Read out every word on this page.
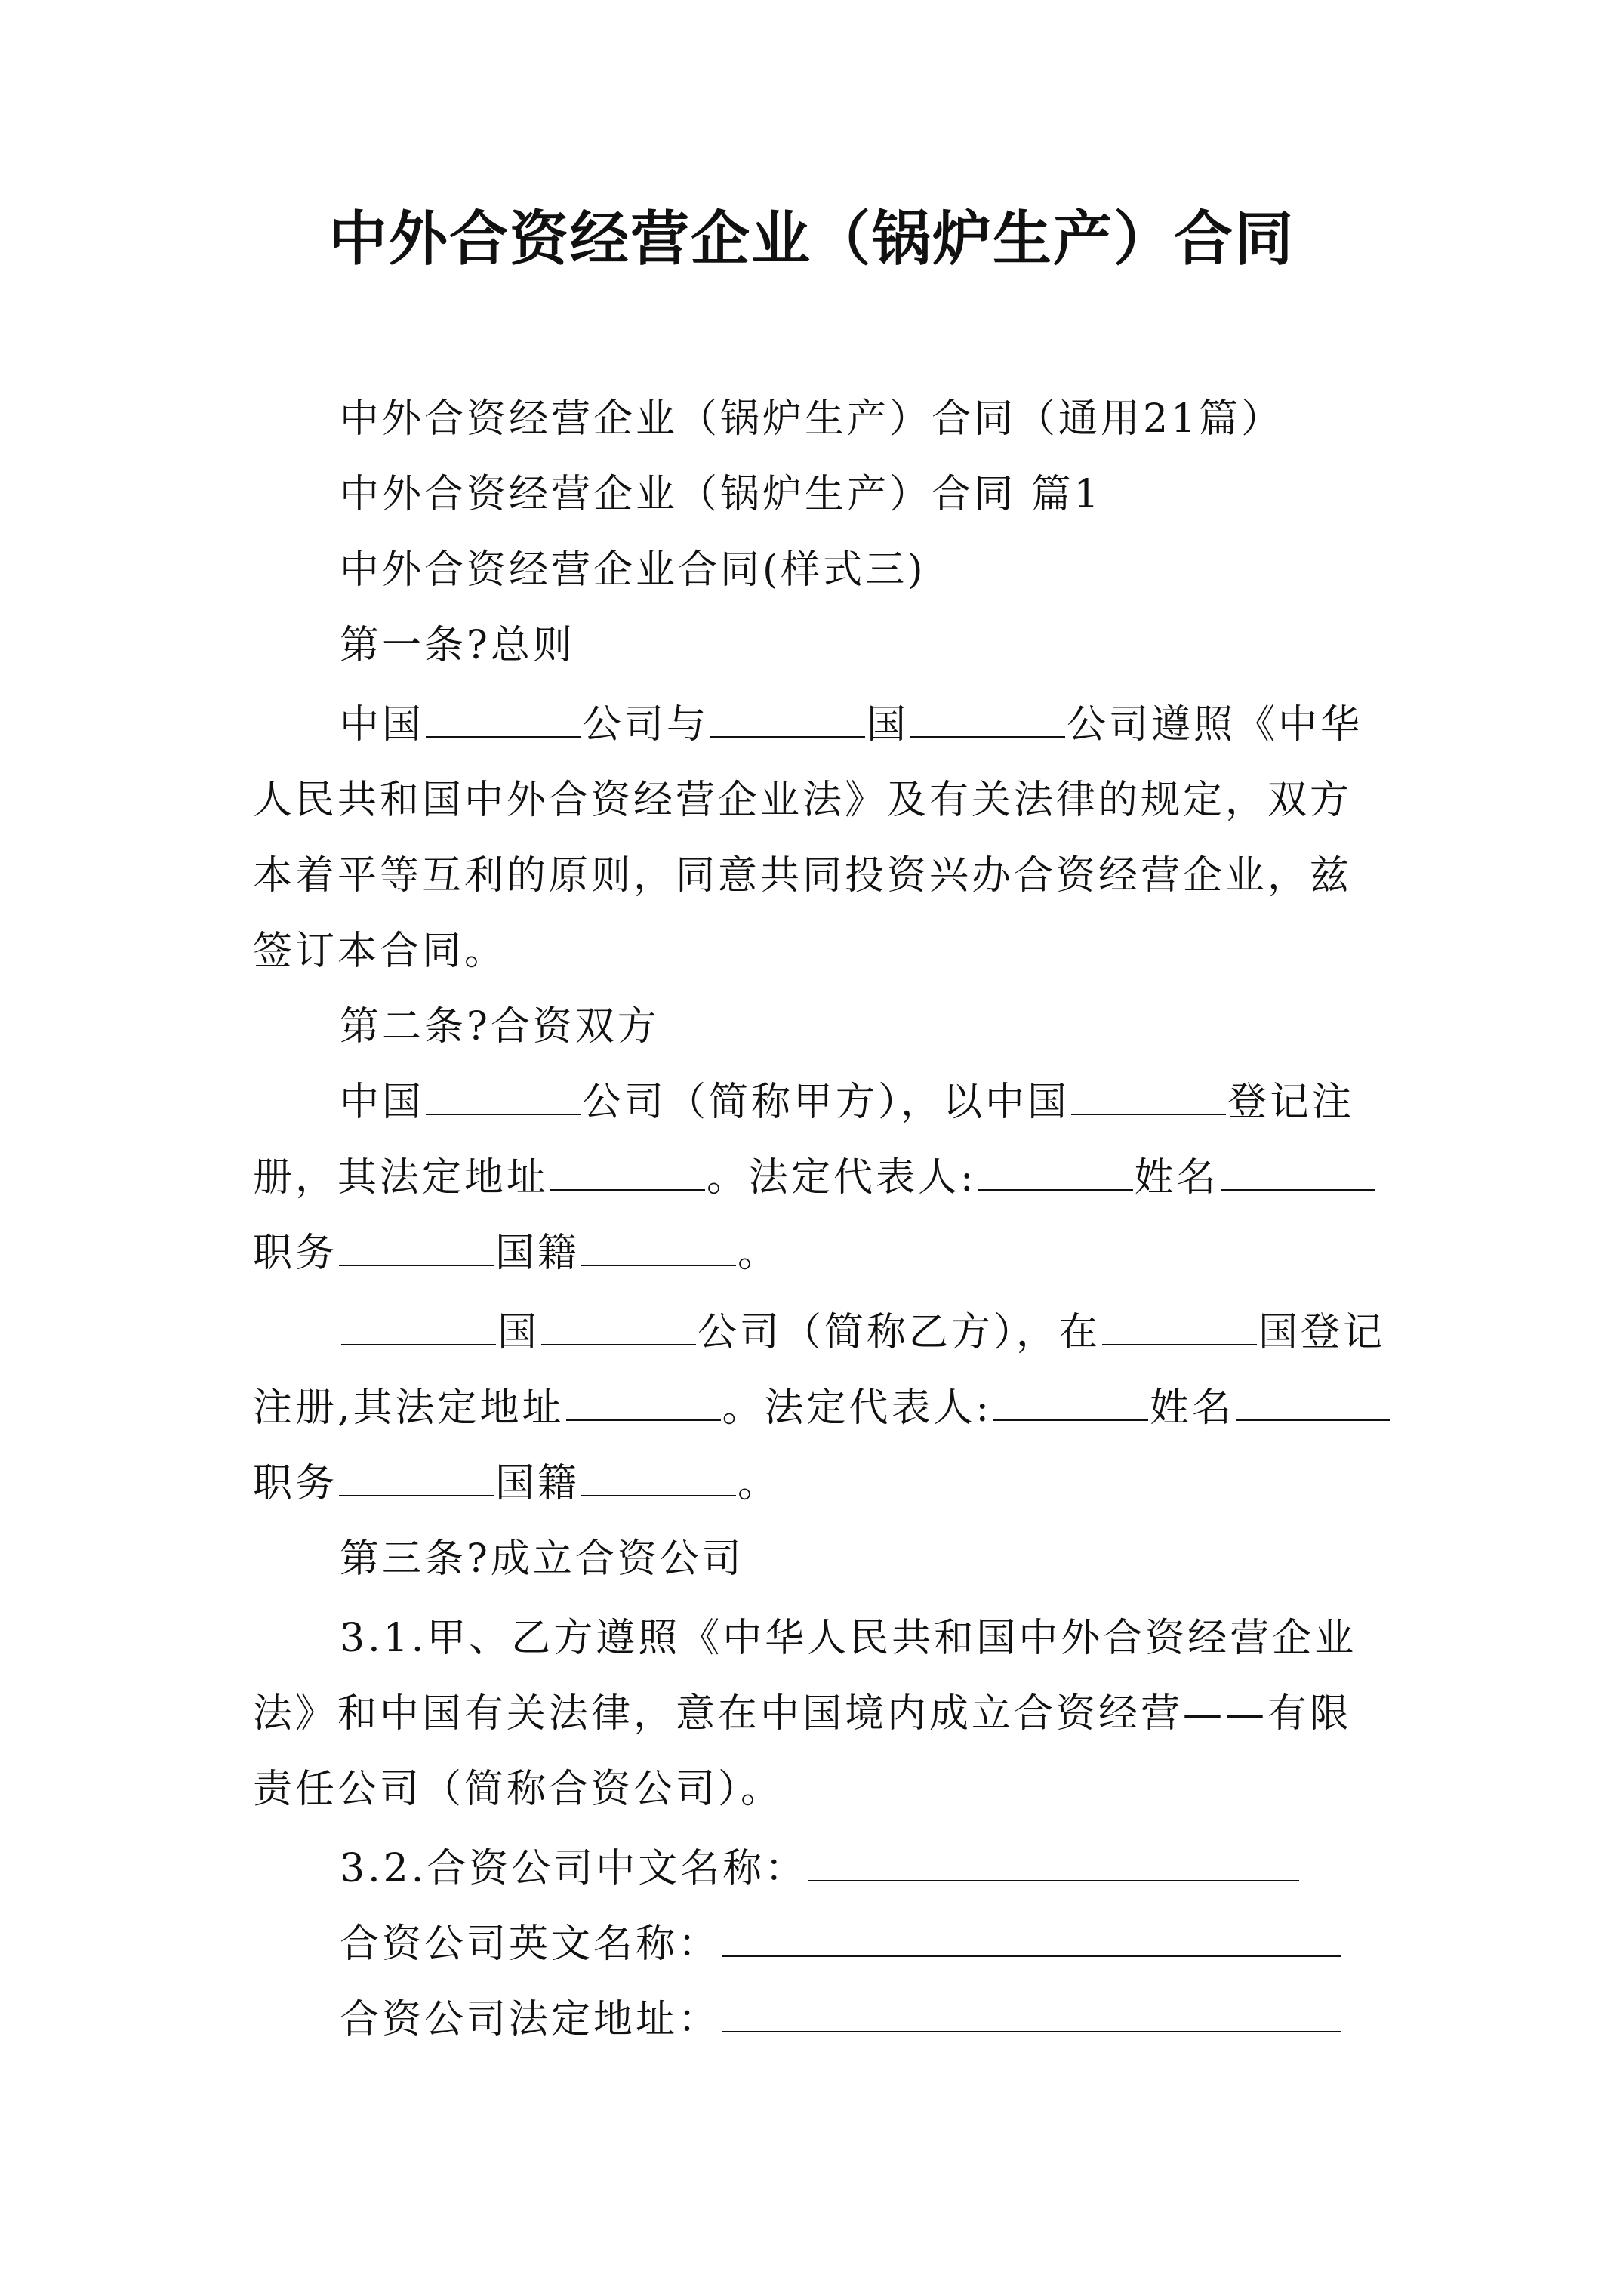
中外合资经营企业（锅炉生产）合同
中外合资经营企业（锅炉生产）合同（通用21篇）
中外合资经营企业（锅炉生产）合同 篇1
中外合资经营企业合同(样式三)
第一条?总则
中国	公司与	国	公司遵照《中华
人民共和国中外合资经营企业法》及有关法律的规定，双方
本着平等互利的原则，同意共同投资兴办合资经营企业，兹
签订本合同。
第二条?合资双方
中国	公司（简称甲方），以中国	登记注
册，其法定地址	。法定代表人:	姓名
职务	国籍	。
国	公司（简称乙方），在	国登记
注册,其法定地址	。法定代表人:	姓名
职务	国籍	。
第三条?成立合资公司
3.1.甲、乙方遵照《中华人民共和国中外合资经营企业
法》和中国有关法律，意在中国境内成立合资经营——有限
责任公司（简称合资公司）。
3.2.合资公司中文名称：
合资公司英文名称：
合资公司法定地址：
